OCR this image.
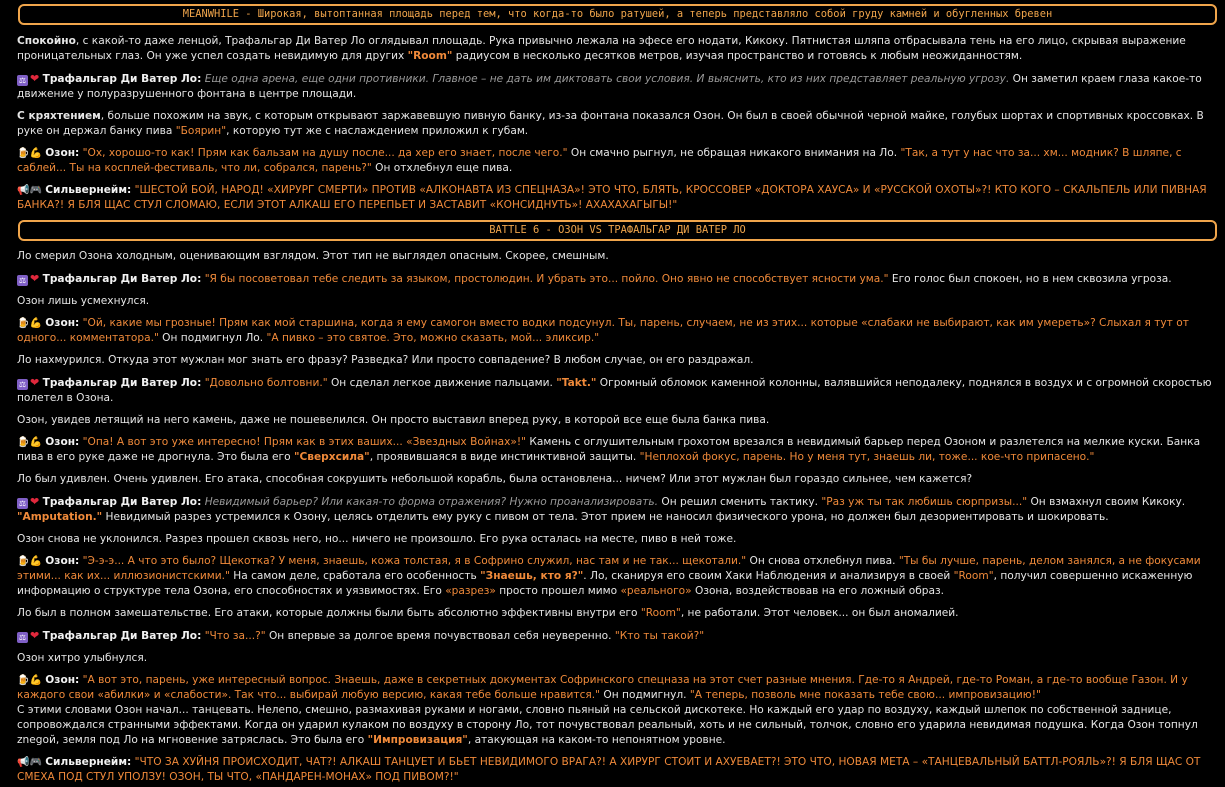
MEANWHILE - Широкая, вытоптанная площадь перед тем, что когда-то было ратушей, а теперь представляло собой груду камней и обугленных бревен

Спокойно, с какой-то даже ленцой, Трафальгар Ди Ватер Ло оглядывал площадь. Рука привычно лежала на эфесе его нодати, Кикоку. Пятнистая шляпа отбрасывала тень на его лицо, скрывая выражение проницательных глаз. Он уже успел создать невидимую для других "Room" радиусом в несколько десятков метров, изучая пространство и готовясь к любым неожиданностям.

⚖ ❤ Трафальгар Ди Ватер Ло: Еще одна арена, еще одни противники. Главное – не дать им диктовать свои условия. И выяснить, кто из них представляет реальную угрозу. Он заметил краем глаза какое-то движение у полуразрушенного фонтана в центре площади.

С кряхтением, больше похожим на звук, с которым открывают заржавевшую пивную банку, из-за фонтана показался Озон. Он был в своей обычной черной майке, голубых шортах и спортивных кроссовках. В руке он держал банку пива "Боярин", которую тут же с наслаждением приложил к губам.

🍺💪 Озон: "Ох, хорошо-то как! Прям как бальзам на душу после... да хер его знает, после чего." Он смачно рыгнул, не обращая никакого внимания на Ло. "Так, а тут у нас что за... хм... модник? В шляпе, с саблей... Ты на косплей-фестиваль, что ли, собрался, парень?" Он отхлебнул еще пива.

📢🎮 Сильвернейм: "ШЕСТОЙ БОЙ, НАРОД! «ХИРУРГ СМЕРТИ» ПРОТИВ «АЛКОНАВТА ИЗ СПЕЦНАЗА»! ЭТО ЧТО, БЛЯТЬ, КРОССОВЕР «ДОКТОРА ХАУСА» И «РУССКОЙ ОХОТЫ»?! КТО КОГО – СКАЛЬПЕЛЬ ИЛИ ПИВНАЯ БАНКА?! Я БЛЯ ЩАС СТУЛ СЛОМАЮ, ЕСЛИ ЭТОТ АЛКАШ ЕГО ПЕРЕПЬЕТ И ЗАСТАВИТ «КОНСИДНУТЬ»! АХАХАХАГЫГЫ!"

BATTLE 6 - ОЗОН VS ТРАФАЛЬГАР ДИ ВАТЕР ЛО

Ло смерил Озона холодным, оценивающим взглядом. Этот тип не выглядел опасным. Скорее, смешным.

⚖ ❤ Трафальгар Ди Ватер Ло: "Я бы посоветовал тебе следить за языком, простолюдин. И убрать это... пойло. Оно явно не способствует ясности ума." Его голос был спокоен, но в нем сквозила угроза.

Озон лишь усмехнулся.

🍺💪 Озон: "Ой, какие мы грозные! Прям как мой старшина, когда я ему самогон вместо водки подсунул. Ты, парень, случаем, не из этих... которые «слабаки не выбирают, как им умереть»? Слыхал я тут от одного... комментатора." Он подмигнул Ло. "А пивко – это святое. Это, можно сказать, мой... эликсир."

Ло нахмурился. Откуда этот мужлан мог знать его фразу? Разведка? Или просто совпадение? В любом случае, он его раздражал.

⚖ ❤ Трафальгар Ди Ватер Ло: "Довольно болтовни." Он сделал легкое движение пальцами. "Takt." Огромный обломок каменной колонны, валявшийся неподалеку, поднялся в воздух и с огромной скоростью полетел в Озона.

Озон, увидев летящий на него камень, даже не пошевелился. Он просто выставил вперед руку, в которой все еще была банка пива.

🍺💪 Озон: "Опа! А вот это уже интересно! Прям как в этих ваших... «Звездных Войнах»!" Камень с оглушительным грохотом врезался в невидимый барьер перед Озоном и разлетелся на мелкие куски. Банка пива в его руке даже не дрогнула. Это была его "Сверхсила", проявившаяся в виде инстинктивной защиты. "Неплохой фокус, парень. Но у меня тут, знаешь ли, тоже... кое-что припасено."

Ло был удивлен. Очень удивлен. Его атака, способная сокрушить небольшой корабль, была остановлена... ничем? Или этот мужлан был гораздо сильнее, чем кажется?

⚖ ❤ Трафальгар Ди Ватер Ло: Невидимый барьер? Или какая-то форма отражения? Нужно проанализировать. Он решил сменить тактику. "Раз уж ты так любишь сюрпризы..." Он взмахнул своим Кикоку. "Amputation." Невидимый разрез устремился к Озону, целясь отделить ему руку с пивом от тела. Этот прием не наносил физического урона, но должен был дезориентировать и шокировать.

Озон снова не уклонился. Разрез прошел сквозь него, но... ничего не произошло. Его рука осталась на месте, пиво в ней тоже.

🍺💪 Озон: "Э-э-э... А что это было? Щекотка? У меня, знаешь, кожа толстая, я в Софрино служил, нас там и не так... щекотали." Он снова отхлебнул пива. "Ты бы лучше, парень, делом занялся, а не фокусами этими... как их... иллюзионистскими." На самом деле, сработала его особенность "Знаешь, кто я?". Ло, сканируя его своим Хаки Наблюдения и анализируя в своей "Room", получил совершенно искаженную информацию о структуре тела Озона, его способностях и уязвимостях. Его «разрез» просто прошел мимо «реального» Озона, воздействовав на его ложный образ.

Ло был в полном замешательстве. Его атаки, которые должны были быть абсолютно эффективны внутри его "Room", не работали. Этот человек... он был аномалией.

⚖ ❤ Трафальгар Ди Ватер Ло: "Что за...?" Он впервые за долгое время почувствовал себя неуверенно. "Кто ты такой?"

Озон хитро улыбнулся.

🍺💪 Озон: "А вот это, парень, уже интересный вопрос. Знаешь, даже в секретных документах Софринского спецназа на этот счет разные мнения. Где-то я Андрей, где-то Роман, а где-то вообще Газон. И у каждого свои «абилки» и «слабости». Так что... выбирай любую версию, какая тебе больше нравится." Он подмигнул. "А теперь, позволь мне показать тебе свою... импровизацию!"
С этими словами Озон начал... танцевать. Нелепо, смешно, размахивая руками и ногами, словно пьяный на сельской дискотеке. Но каждый его удар по воздуху, каждый шлепок по собственной заднице, сопровождался странными эффектами. Когда он ударил кулаком по воздуху в сторону Ло, тот почувствовал реальный, хоть и не сильный, толчок, словно его ударила невидимая подушка. Когда Озон топнул znegой, земля под Ло на мгновение затряслась. Это была его "Импровизация", атакующая на каком-то непонятном уровне.

📢🎮 Сильвернейм: "ЧТО ЗА ХУЙНЯ ПРОИСХОДИТ, ЧАТ?! АЛКАШ ТАНЦУЕТ И БЬЕТ НЕВИДИМОГО ВРАГА?! А ХИРУРГ СТОИТ И АХУЕВАЕТ?! ЭТО ЧТО, НОВАЯ МЕТА – «ТАНЦЕВАЛЬНЫЙ БАТТЛ-РОЯЛЬ»?! Я БЛЯ ЩАС ОТ СМЕХА ПОД СТУЛ УПОЛЗУ! ОЗОН, ТЫ ЧТО, «ПАНДАРЕН-МОНАХ» ПОД ПИВОМ?!"
